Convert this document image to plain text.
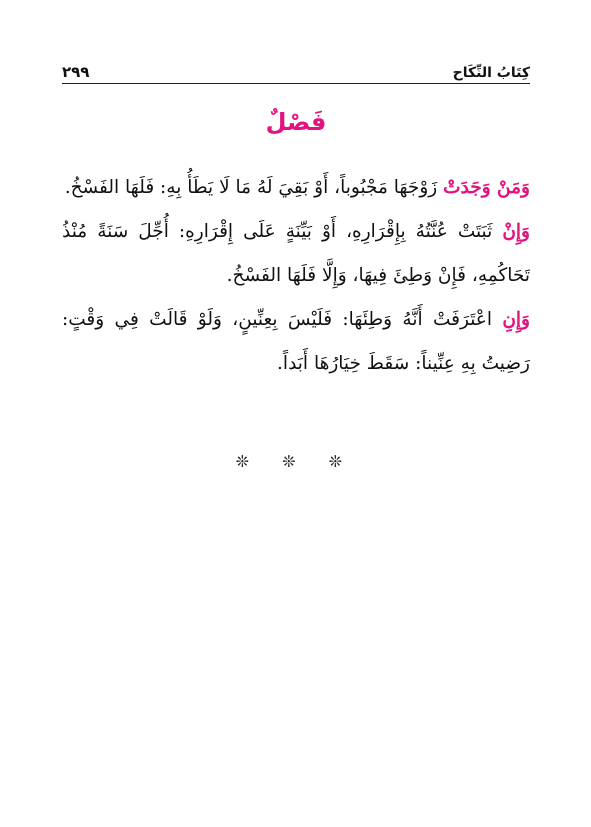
٢٩٩	كِتَابُ النِّكَاح
فَصْلٌ

وَمَنْ وَجَدَتْ زَوْجَهَا مَجْبُوباً، أَوْ بَقِيَ لَهُ مَا لَا يَطَأُ بِهِ: فَلَهَا الفَسْخُ.

وَإِنْ ثَبَتَتْ عُنَّتُهُ بِإِقْرَارِهِ، أَوْ بَيِّنَةٍ عَلَى إِقْرَارِهِ: أُجِّلَ سَنَةً مُنْذُ تَحَاكُمِهِ، فَإِنْ وَطِئَ فِيهَا، وَإِلَّا فَلَهَا الفَسْخُ.

وَإِنِ اعْتَرَفَتْ أَنَّهُ وَطِئَهَا: فَلَيْسَ بِعِنِّينٍ، وَلَوْ قَالَتْ فِي وَقْتٍ: رَضِيتُ بِهِ عِنِّيناً: سَقَطَ خِيَارُهَا أَبَداً.

❊ ❊ ❊
